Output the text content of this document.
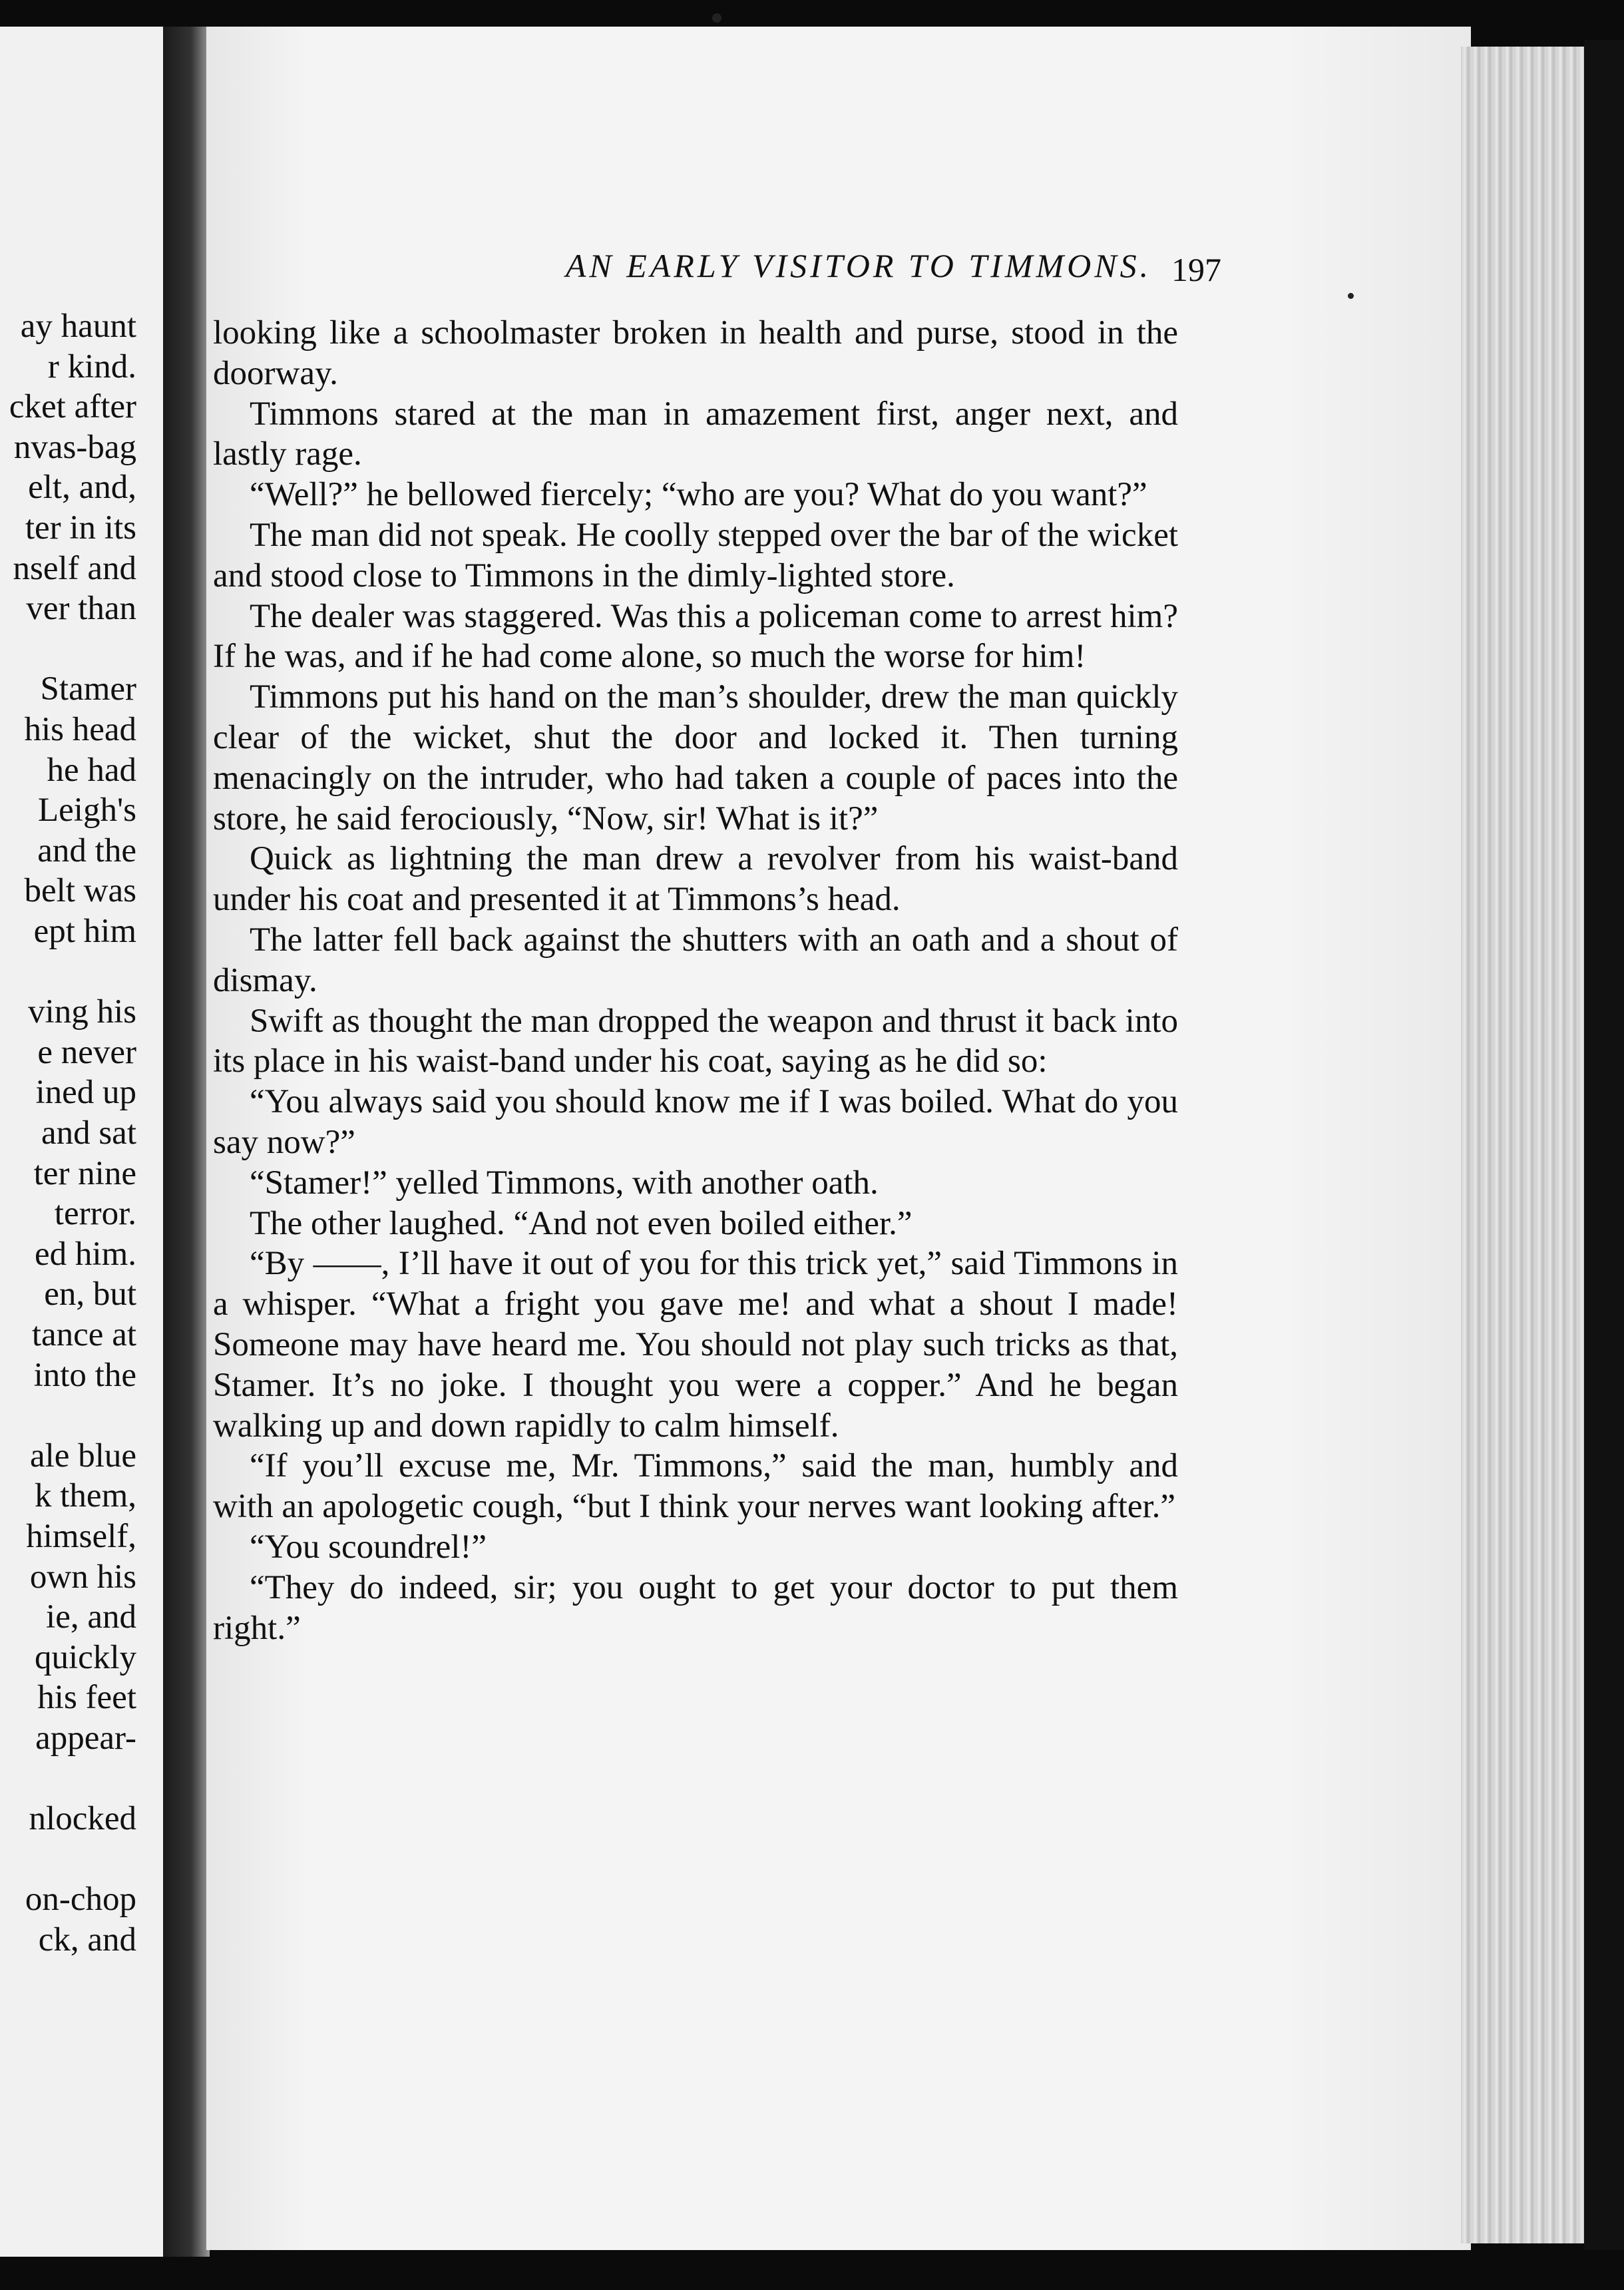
ay haunt
r kind.
cket after
nvas-bag
elt, and,
ter in its
nself and
ver than
Stamer
his head
he had
Leigh's
and the
belt was
ept him
ving his
e never
ined up
and sat
ter nine
terror.
ed him.
en, but
tance at
into the
ale blue
k them,
himself,
own his
ie, and
quickly
his feet
appear-
nlocked
on-chop
ck, and
AN EARLY VISITOR TO TIMMONS. 197

looking like a schoolmaster broken in health and purse, stood in the doorway.

Timmons stared at the man in amazement first, anger next, and lastly rage.

“Well?” he bellowed fiercely; “who are you? What do you want?”

The man did not speak. He coolly stepped over the bar of the wicket and stood close to Timmons in the dimly-lighted store.

The dealer was staggered. Was this a policeman come to arrest him? If he was, and if he had come alone, so much the worse for him!

Timmons put his hand on the man’s shoulder, drew the man quickly clear of the wicket, shut the door and locked it. Then turning menacingly on the intruder, who had taken a couple of paces into the store, he said ferociously, “Now, sir! What is it?”

Quick as lightning the man drew a revolver from his waist-band under his coat and presented it at Timmons’s head.

The latter fell back against the shutters with an oath and a shout of dismay.

Swift as thought the man dropped the weapon and thrust it back into its place in his waist-band under his coat, saying as he did so:

“You always said you should know me if I was boiled. What do you say now?”

“Stamer!” yelled Timmons, with another oath.

The other laughed. “And not even boiled either.”

“By ——, I’ll have it out of you for this trick yet,” said Timmons in a whisper. “What a fright you gave me! and what a shout I made! Someone may have heard me. You should not play such tricks as that, Stamer. It’s no joke. I thought you were a copper.” And he began walking up and down rapidly to calm himself.

“If you’ll excuse me, Mr. Timmons,” said the man, humbly and with an apologetic cough, “but I think your nerves want looking after.”

“You scoundrel!”

“They do indeed, sir; you ought to get your doctor to put them right.”
